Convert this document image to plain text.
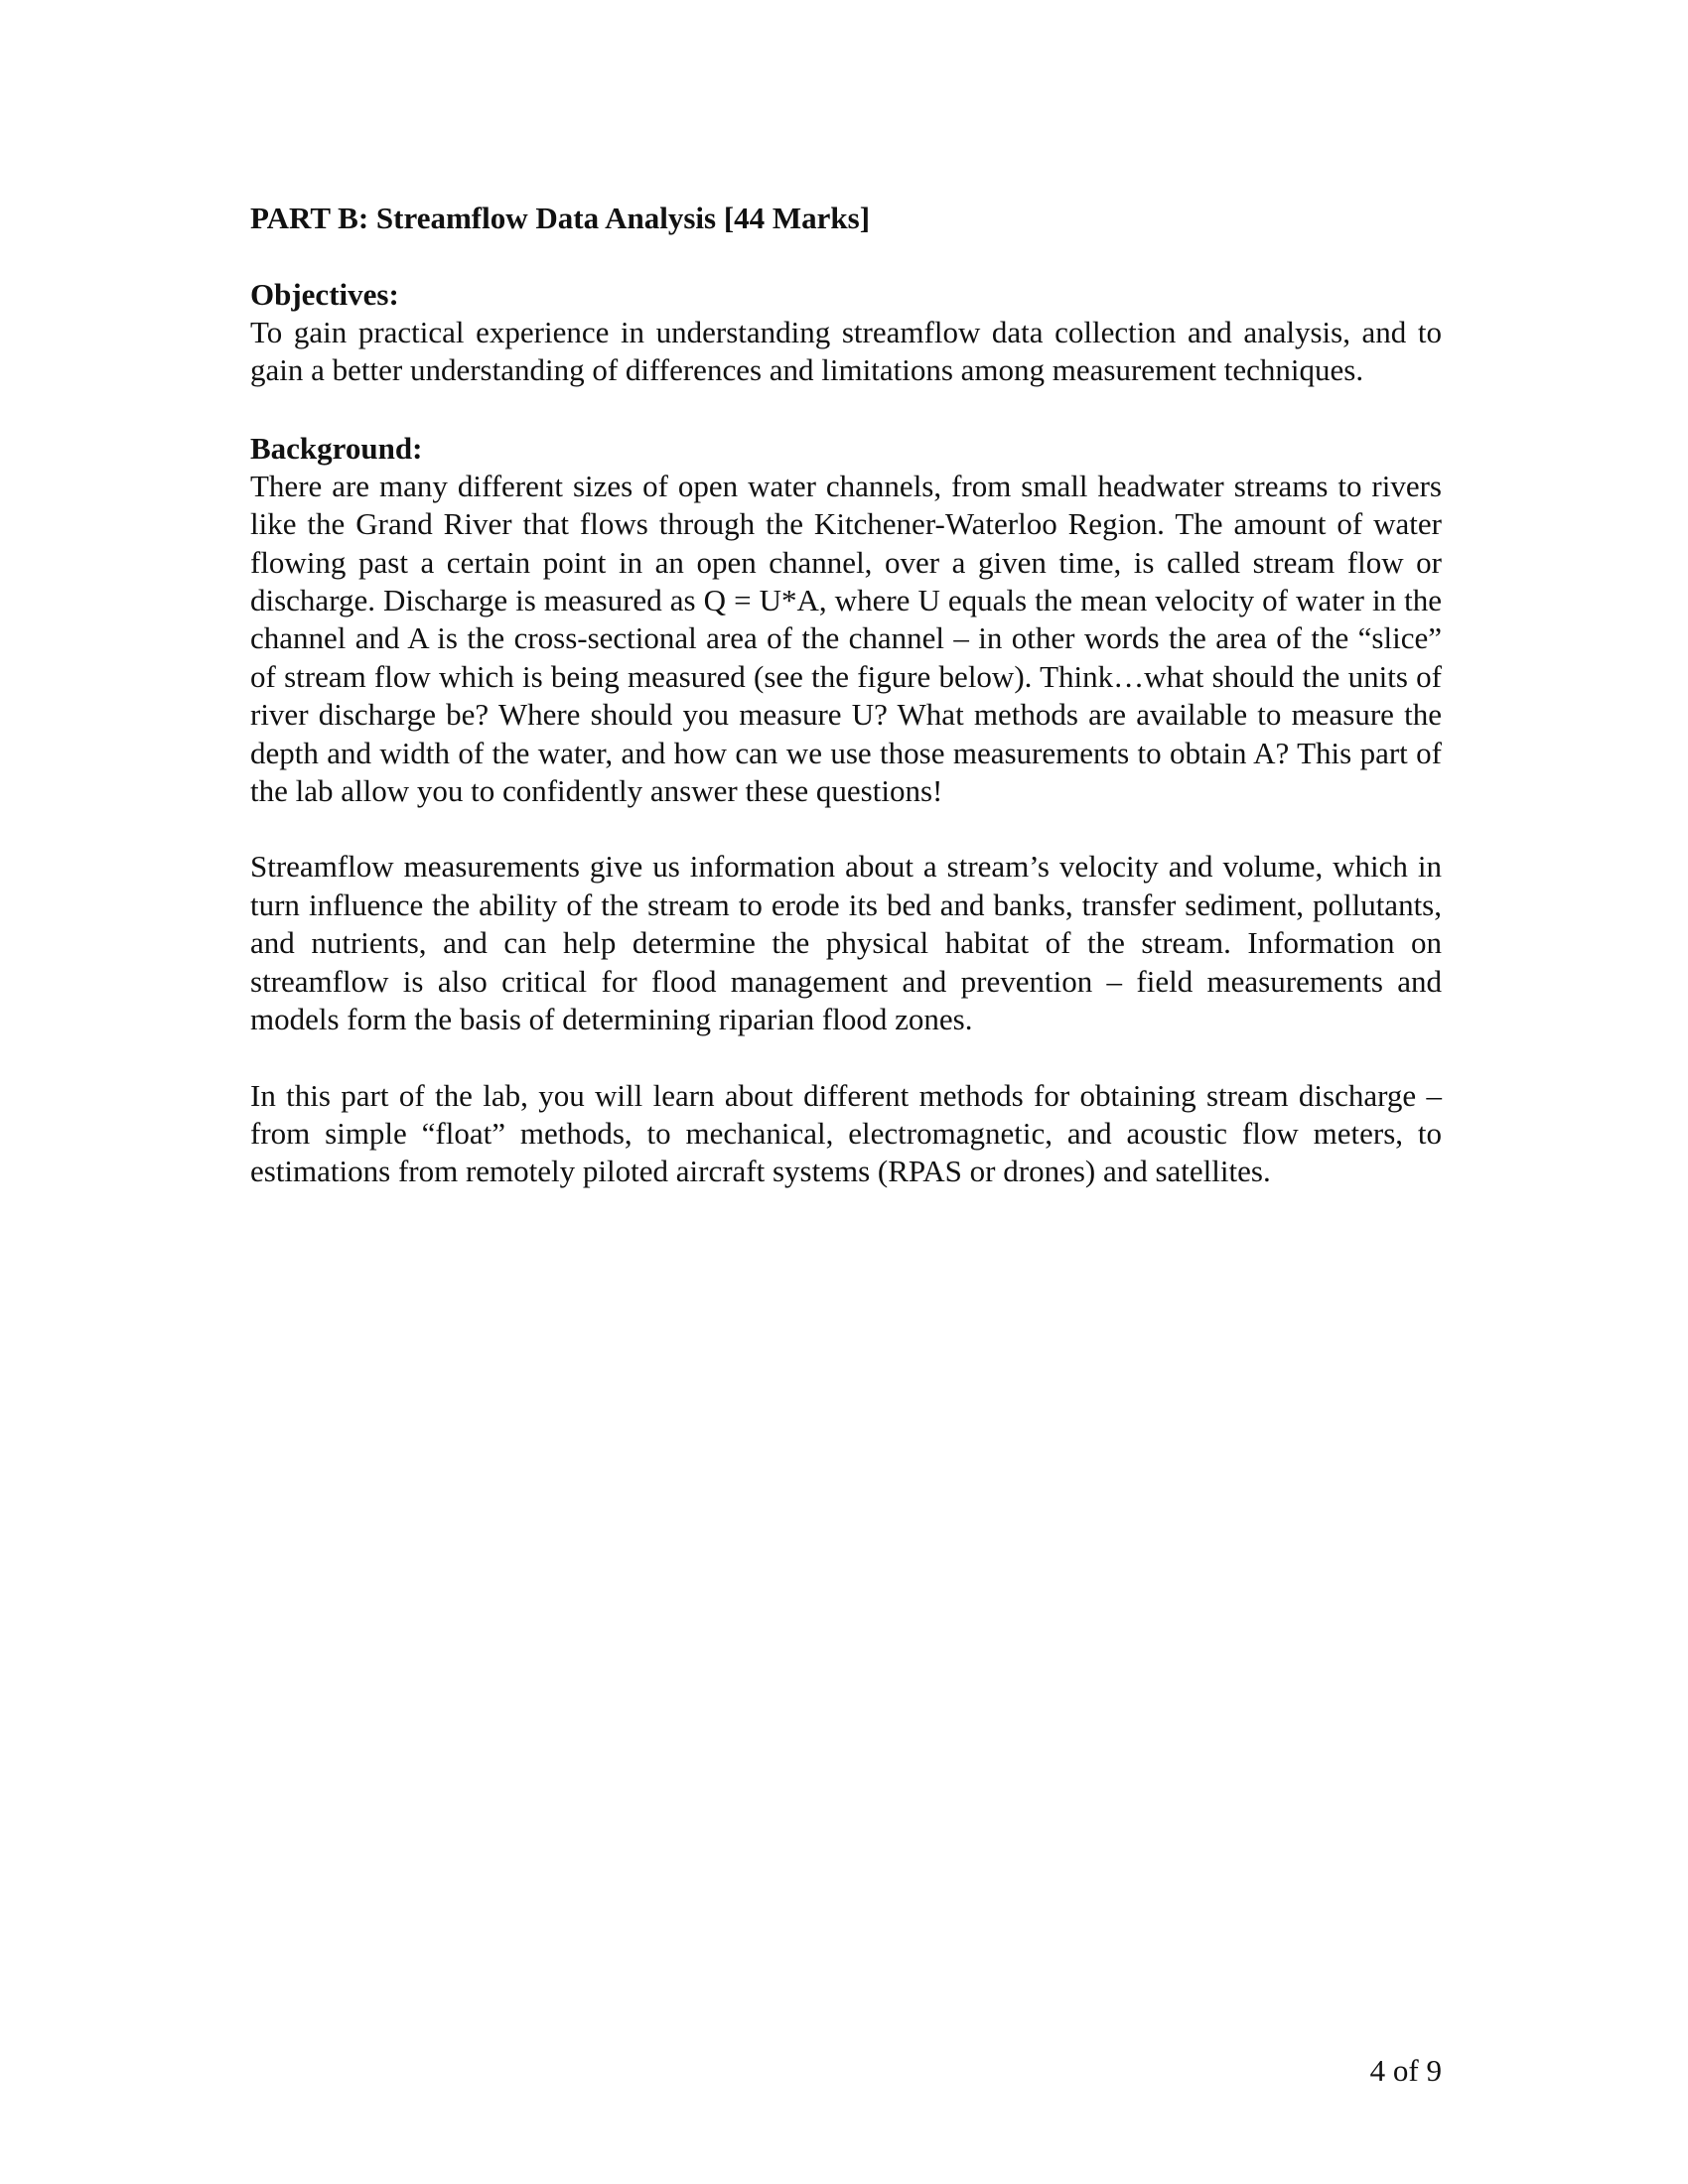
PART B: Streamflow Data Analysis [44 Marks]

Objectives:

To gain practical experience in understanding streamflow data collection and analysis, and to gain a better understanding of differences and limitations among measurement techniques.

Background:

There are many different sizes of open water channels, from small headwater streams to rivers like the Grand River that flows through the Kitchener-Waterloo Region. The amount of water flowing past a certain point in an open channel, over a given time, is called stream flow or discharge. Discharge is measured as Q = U*A, where U equals the mean velocity of water in the channel and A is the cross-sectional area of the channel – in other words the area of the “slice” of stream flow which is being measured (see the figure below). Think…what should the units of river discharge be? Where should you measure U? What methods are available to measure the depth and width of the water, and how can we use those measurements to obtain A? This part of the lab allow you to confidently answer these questions!

Streamflow measurements give us information about a stream’s velocity and volume, which in turn influence the ability of the stream to erode its bed and banks, transfer sediment, pollutants, and nutrients, and can help determine the physical habitat of the stream. Information on streamflow is also critical for flood management and prevention – field measurements and models form the basis of determining riparian flood zones.

In this part of the lab, you will learn about different methods for obtaining stream discharge – from simple “float” methods, to mechanical, electromagnetic, and acoustic flow meters, to estimations from remotely piloted aircraft systems (RPAS or drones) and satellites.

4 of 9
